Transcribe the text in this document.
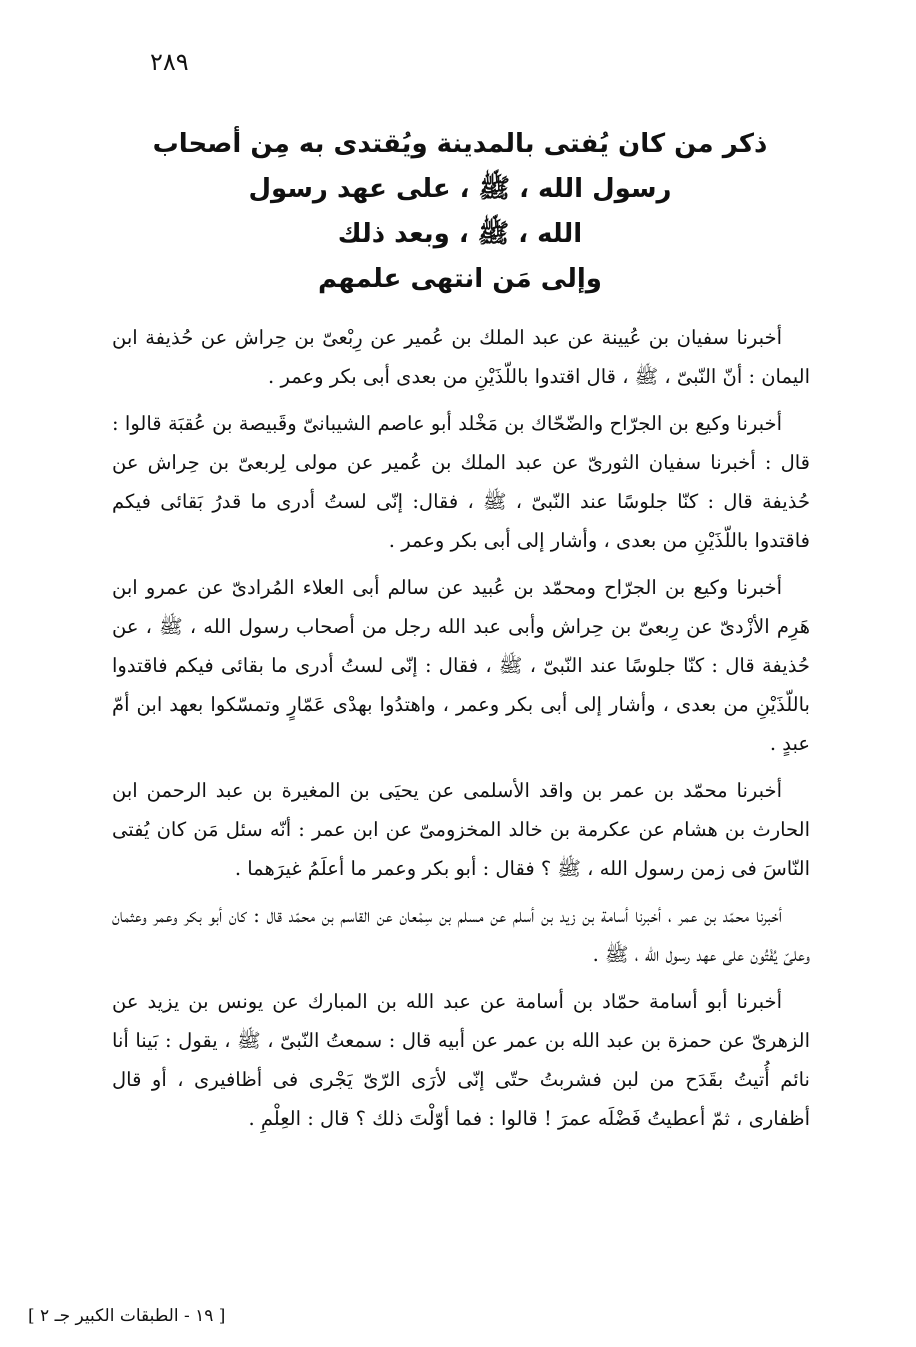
٢٨٩
ذكر من كان يُفتى بالمدينة ويُقتدى به مِن أصحاب
رسول الله ، ﷺ ، على عهد رسول
الله ، ﷺ ، وبعد ذلك
وإلى مَن انتهى علمهم

أخبرنا سفيان بن عُيينة عن عبد الملك بن عُمير عن رِبْعىّ بن حِراش عن حُذيفة ابن اليمان : أنّ النّبىّ ، ﷺ ، قال اقتدوا باللّذَيْنِ من بعدى أبى بكر وعمر .

أخبرنا وكيع بن الجرّاح والضّحّاك بن مَخْلد أبو عاصم الشيبانىّ وقَبيصة بن عُقبَة قالوا : قال : أخبرنا سفيان الثورىّ عن عبد الملك بن عُمير عن مولى لِربعىّ بن حِراش عن حُذيفة قال : كنّا جلوسًا عند النّبىّ ، ﷺ ، فقال: إنّى لستُ أدرى ما قدرُ بَقائى فيكم فاقتدوا باللّذَيْنِ من بعدى ، وأشار إلى أبى بكر وعمر .

أخبرنا وكيع بن الجرّاح ومحمّد بن عُبيد عن سالم أبى العلاء المُرادىّ عن عمرو ابن هَرِم الأزْدىّ عن رِبعىّ بن حِراش وأبى عبد الله رجل من أصحاب رسول الله ، ﷺ ، عن حُذيفة قال : كنّا جلوسًا عند النّبىّ ، ﷺ ، فقال : إنّى لستُ أدرى ما بقائى فيكم فاقتدوا باللّذَيْنِ من بعدى ، وأشار إلى أبى بكر وعمر ، واهتدُوا بهدْى عَمّارٍ وتمسّكوا بعهد ابن أمّ عبدٍ .

أخبرنا محمّد بن عمر بن واقد الأسلمى عن يحيَى بن المغيرة بن عبد الرحمن ابن الحارث بن هشام عن عكرمة بن خالد المخزومىّ عن ابن عمر : أنّه سئل مَن كان يُفتى النّاسَ فى زمن رسول الله ، ﷺ ؟ فقال : أبو بكر وعمر ما أعلَمُ غيرَهما .

أخبرنا محمّد بن عمر ، أخبرنا أسامة بن زيد بن أسلم عن مسلم بن سِمْعان عن القاسم بن محمّد قال : كان أبو بكر وعمر وعثمان وعلىّ يُفْتُون على عهد رسول الله ، ﷺ .

أخبرنا أبو أسامة حمّاد بن أسامة عن عبد الله بن المبارك عن يونس بن يزيد عن الزهرىّ عن حمزة بن عبد الله بن عمر عن أبيه قال : سمعتُ النّبىّ ، ﷺ ، يقول : بَينا أنا نائم أُتيتُ بقَدَح من لبن فشربتُ حتّى إنّى لأرَى الرّىّ يَجْرى فى أظافيرى ، أو قال أظفارى ، ثمّ أعطيتُ فَضْلَه عمرَ ! قالوا : فما أوّلْتَ ذلك ؟ قال : العِلْمِ .

[ ١٩ - الطبقات الكبير جـ ٢ ]
